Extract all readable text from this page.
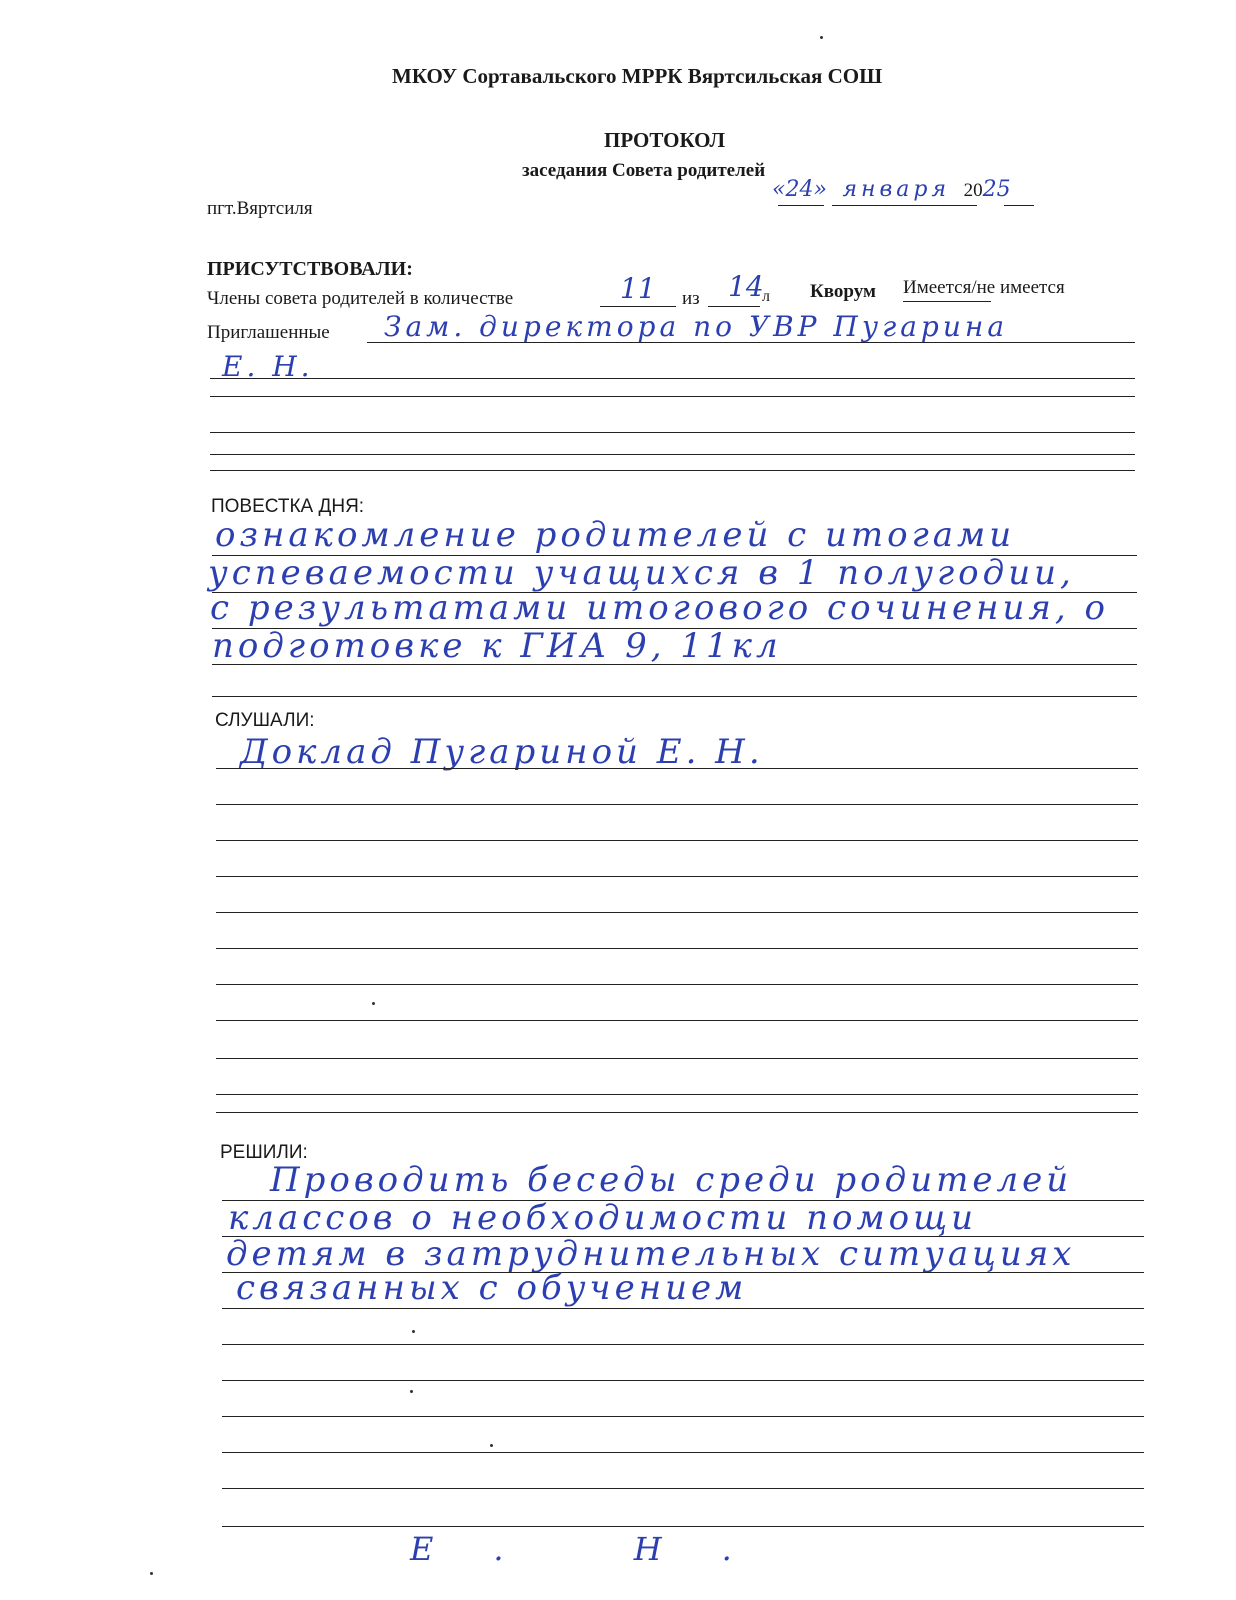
МКОУ Сортавальского МРРК Вяртсильская СОШ
ПРОТОКОЛ
заседания Совета родителей
пгт.Вяртсиля
«24» января 2025
ПРИСУТСТВОВАЛИ:
Члены совета родителей в количестве	11 из 14
л Кворум Имеется/не имеется
Приглашенные Зам. директора по УВР Пугарина
Е. Н.
ПОВЕСТКА ДНЯ:
ознакомление родителей с итогами
успеваемости учащихся в 1 полугодии,
с результатами итогового сочинения, о
подготовке к ГИА 9, 11кл
СЛУШАЛИ:
Доклад Пугариной Е. Н.
РЕШИЛИ:
Проводить беседы среди родителей
классов о необходимости помощи
детям в затруднительных ситуациях
связанных с обучением
Е. Н.
